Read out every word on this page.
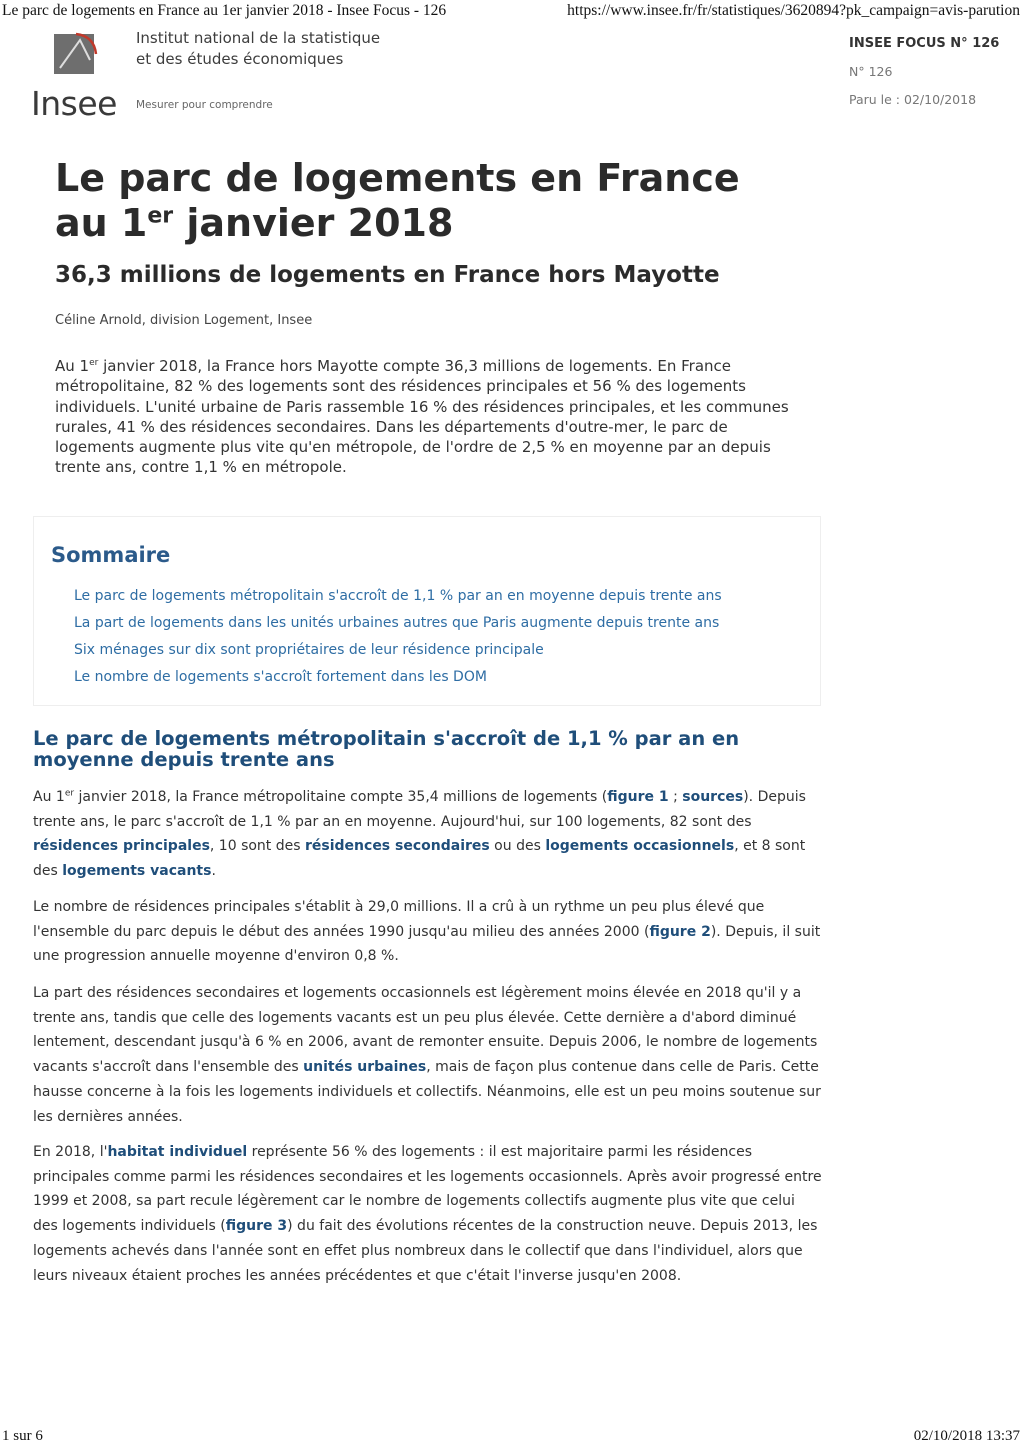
Le parc de logements en France au 1er janvier 2018 - Insee Focus - 126	https://www.insee.fr/fr/statistiques/3620894?pk_campaign=avis-parution
Insee
Institut national de la statistique
et des études économiques
Mesurer pour comprendre
INSEE FOCUS N° 126
N° 126
Paru le : 02/10/2018
Le parc de logements en France au 1er janvier 2018
36,3 millions de logements en France hors Mayotte
Céline Arnold, division Logement, Insee

Au 1er janvier 2018, la France hors Mayotte compte 36,3 millions de logements. En France métropolitaine, 82 % des logements sont des résidences principales et 56 % des logements individuels. L'unité urbaine de Paris rassemble 16 % des résidences principales, et les communes rurales, 41 % des résidences secondaires. Dans les départements d'outre-mer, le parc de logements augmente plus vite qu'en métropole, de l'ordre de 2,5 % en moyenne par an depuis trente ans, contre 1,1 % en métropole.

Sommaire
Le parc de logements métropolitain s'accroît de 1,1 % par an en moyenne depuis trente ans
La part de logements dans les unités urbaines autres que Paris augmente depuis trente ans
Six ménages sur dix sont propriétaires de leur résidence principale
Le nombre de logements s'accroît fortement dans les DOM
Le parc de logements métropolitain s'accroît de 1,1 % par an en moyenne depuis trente ans

Au 1er janvier 2018, la France métropolitaine compte 35,4 millions de logements (figure 1 ; sources). Depuis trente ans, le parc s'accroît de 1,1 % par an en moyenne. Aujourd'hui, sur 100 logements, 82 sont des résidences principales, 10 sont des résidences secondaires ou des logements occasionnels, et 8 sont des logements vacants.

Le nombre de résidences principales s'établit à 29,0 millions. Il a crû à un rythme un peu plus élevé que l'ensemble du parc depuis le début des années 1990 jusqu'au milieu des années 2000 (figure 2). Depuis, il suit une progression annuelle moyenne d'environ 0,8 %.

La part des résidences secondaires et logements occasionnels est légèrement moins élevée en 2018 qu'il y a trente ans, tandis que celle des logements vacants est un peu plus élevée. Cette dernière a d'abord diminué lentement, descendant jusqu'à 6 % en 2006, avant de remonter ensuite. Depuis 2006, le nombre de logements vacants s'accroît dans l'ensemble des unités urbaines, mais de façon plus contenue dans celle de Paris. Cette hausse concerne à la fois les logements individuels et collectifs. Néanmoins, elle est un peu moins soutenue sur les dernières années.

En 2018, l'habitat individuel représente 56 % des logements : il est majoritaire parmi les résidences principales comme parmi les résidences secondaires et les logements occasionnels. Après avoir progressé entre 1999 et 2008, sa part recule légèrement car le nombre de logements collectifs augmente plus vite que celui des logements individuels (figure 3) du fait des évolutions récentes de la construction neuve. Depuis 2013, les logements achevés dans l'année sont en effet plus nombreux dans le collectif que dans l'individuel, alors que leurs niveaux étaient proches les années précédentes et que c'était l'inverse jusqu'en 2008.

1 sur 6	02/10/2018 13:37
